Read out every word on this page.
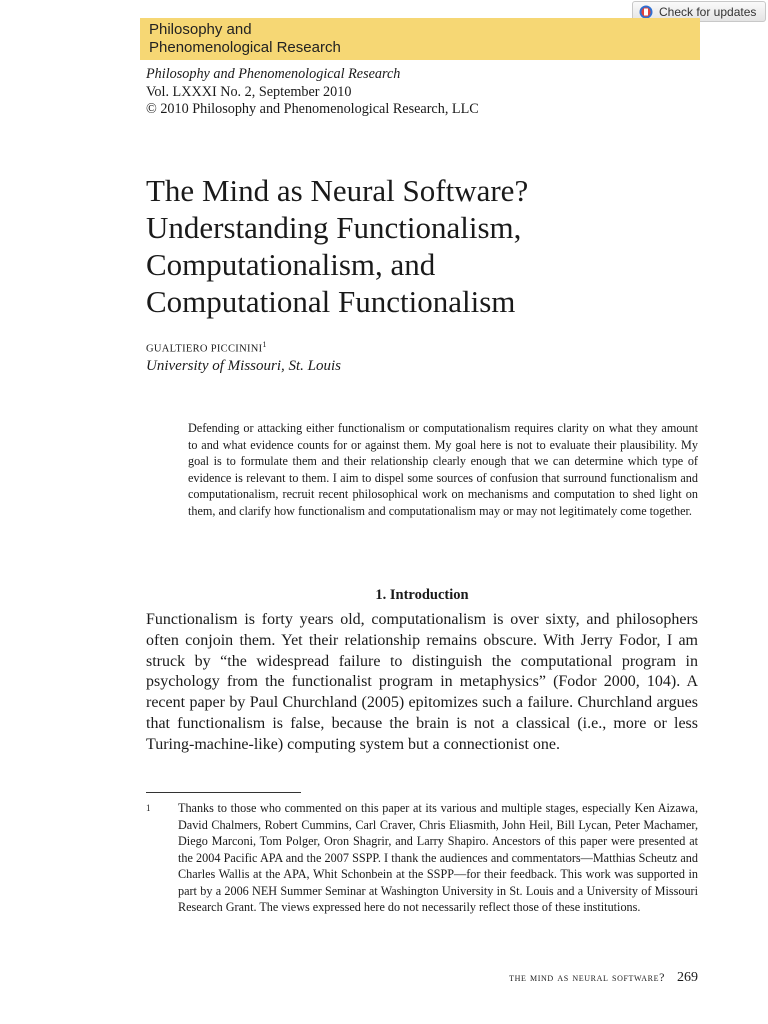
Check for updates
Philosophy and
Phenomenological Research
Philosophy and Phenomenological Research
Vol. LXXXI No. 2, September 2010
© 2010 Philosophy and Phenomenological Research, LLC
The Mind as Neural Software?
Understanding Functionalism,
Computationalism, and
Computational Functionalism
GUALTIERO PICCININI$^1$
University of Missouri, St. Louis
Defending or attacking either functionalism or computationalism requires clarity on what they amount to and what evidence counts for or against them. My goal here is not to evaluate their plausibility. My goal is to formulate them and their relationship clearly enough that we can determine which type of evidence is relevant to them. I aim to dispel some sources of confusion that surround functionalism and computationalism, recruit recent philosophical work on mechanisms and computation to shed light on them, and clarify how functionalism and computationalism may or may not legitimately come together.
1. Introduction
Functionalism is forty years old, computationalism is over sixty, and philosophers often conjoin them. Yet their relationship remains obscure. With Jerry Fodor, I am struck by “the widespread failure to distinguish the computational program in psychology from the functionalist program in metaphysics” (Fodor 2000, 104). A recent paper by Paul Churchland (2005) epitomizes such a failure. Churchland argues that functionalism is false, because the brain is not a classical (i.e., more or less Turing-machine-like) computing system but a connectionist one.
1 Thanks to those who commented on this paper at its various and multiple stages, especially Ken Aizawa, David Chalmers, Robert Cummins, Carl Craver, Chris Eliasmith, John Heil, Bill Lycan, Peter Machamer, Diego Marconi, Tom Polger, Oron Shagrir, and Larry Shapiro. Ancestors of this paper were presented at the 2004 Pacific APA and the 2007 SSPP. I thank the audiences and commentators—Matthias Scheutz and Charles Wallis at the APA, Whit Schonbein at the SSPP—for their feedback. This work was supported in part by a 2006 NEH Summer Seminar at Washington University in St. Louis and a University of Missouri Research Grant. The views expressed here do not necessarily reflect those of these institutions.
the mind as neural software? 269
